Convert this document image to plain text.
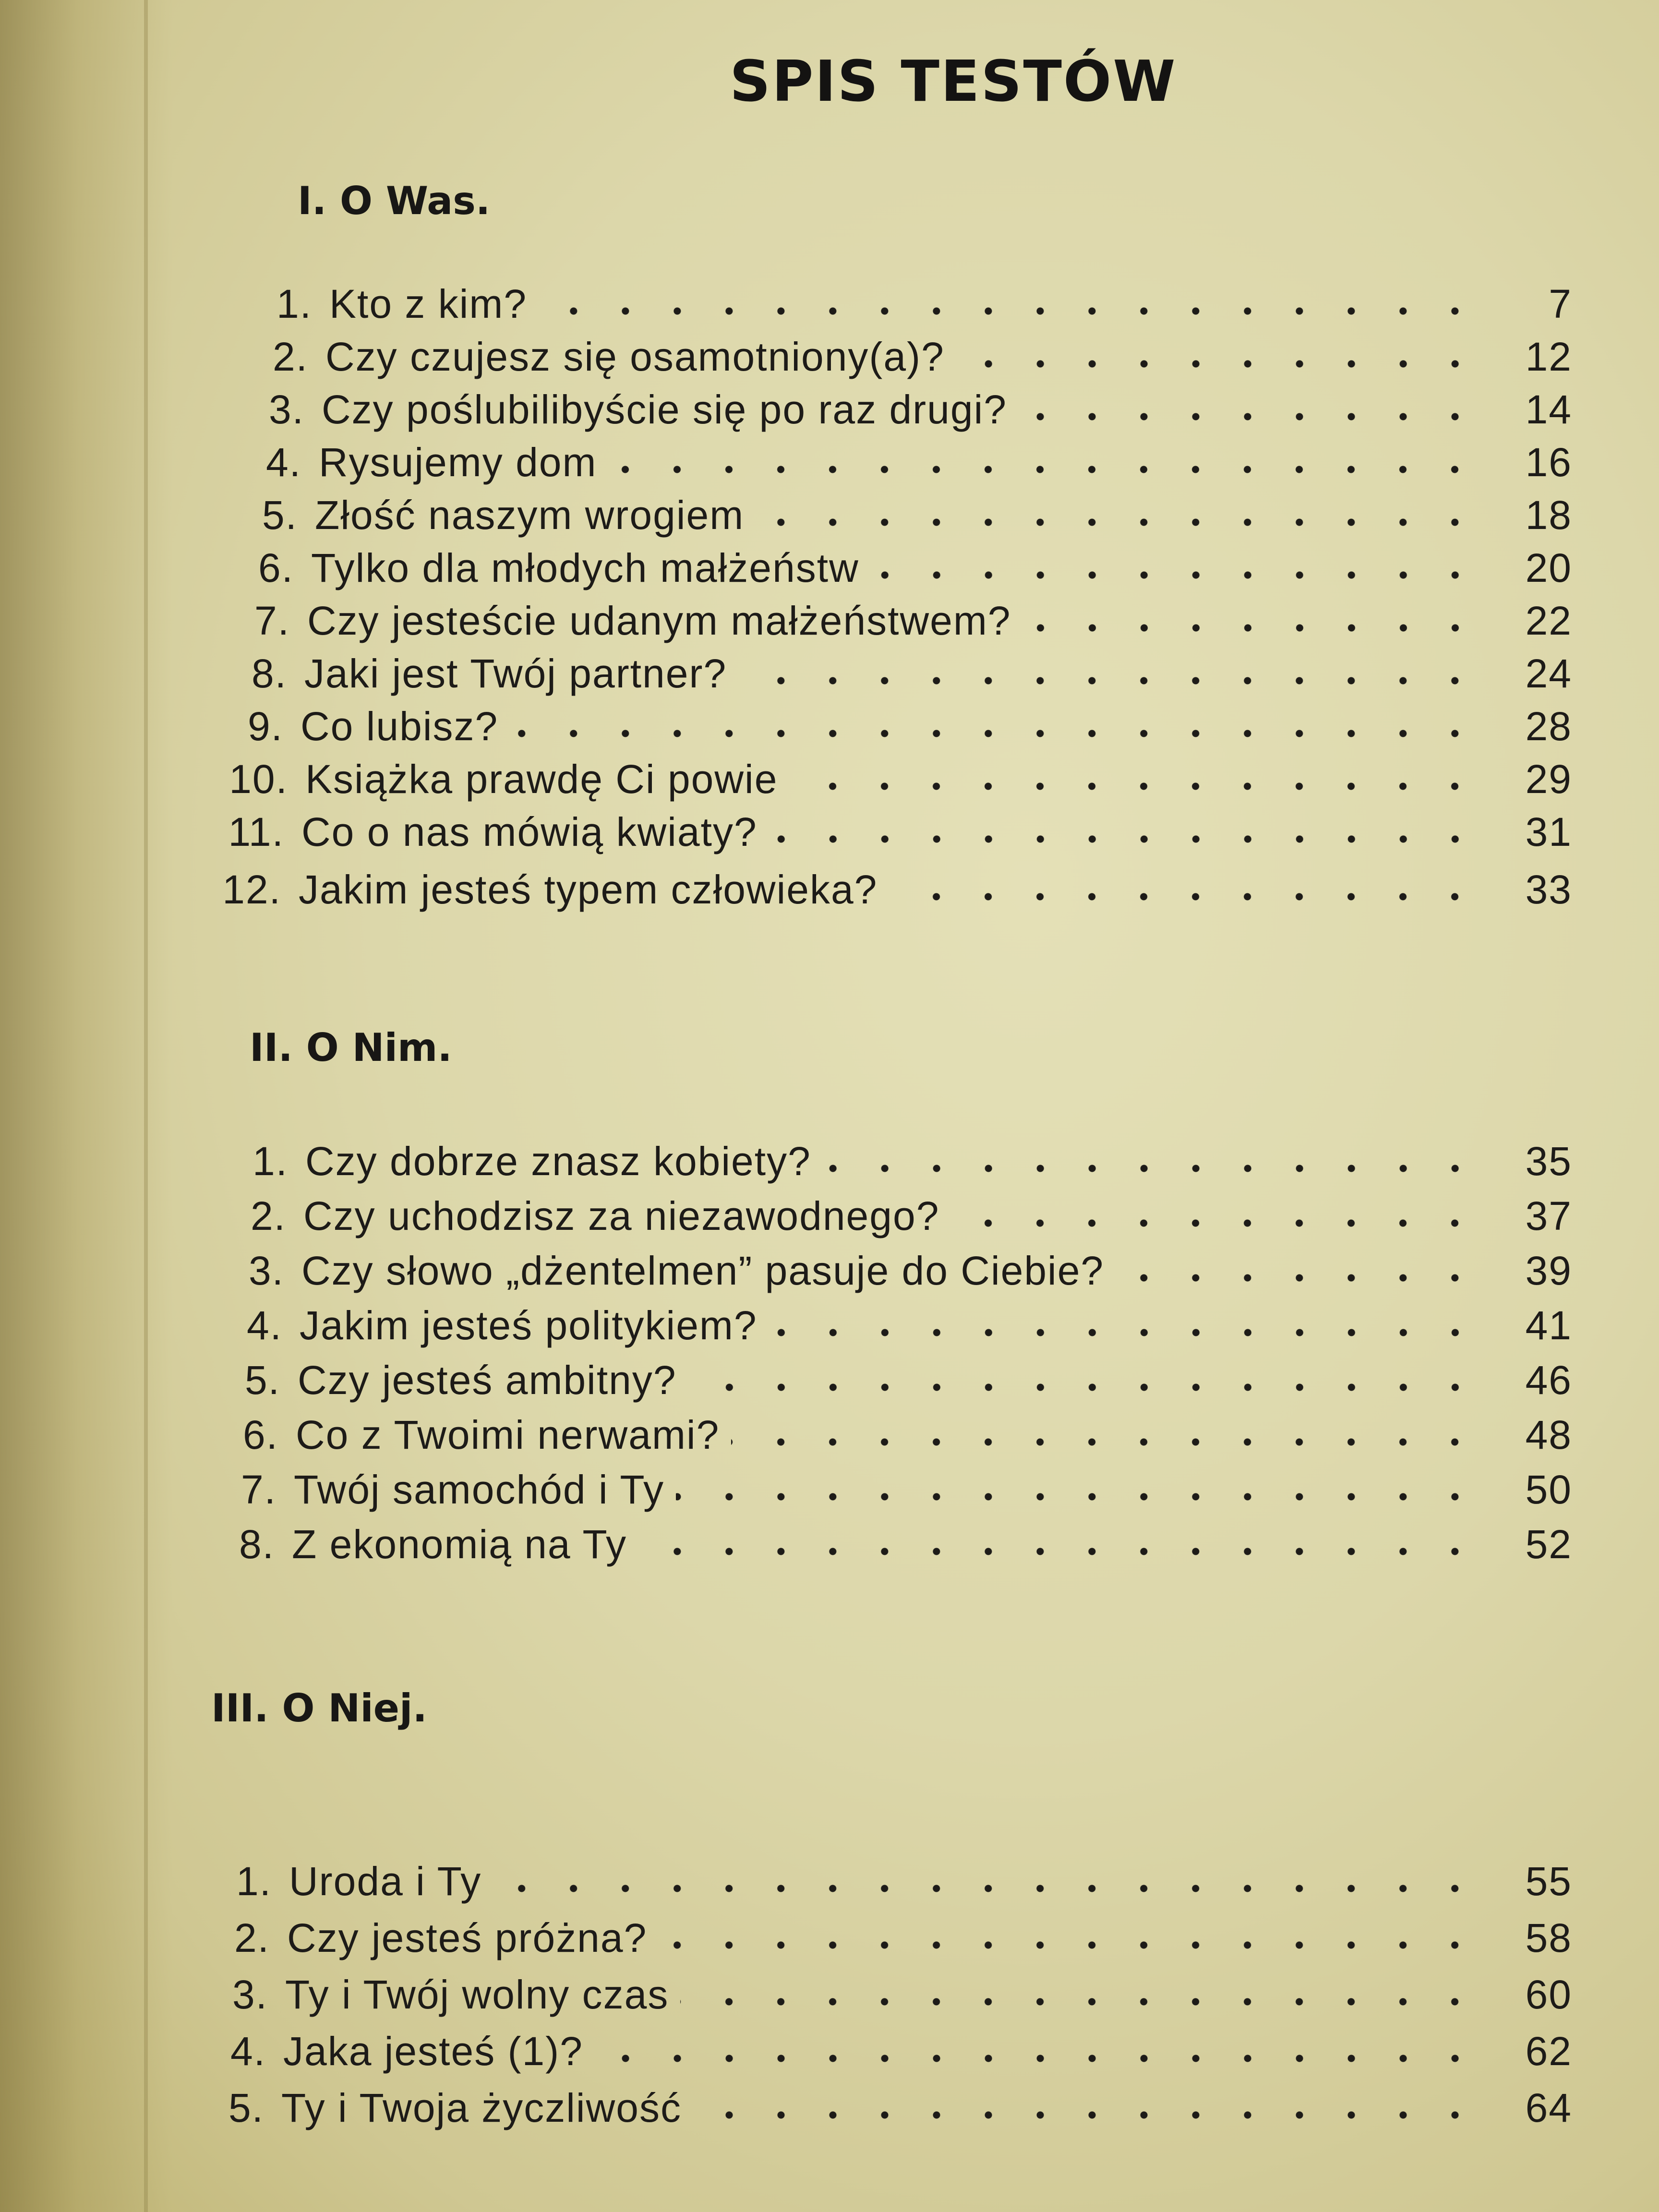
SPIS TESTÓW
I. O Was.
II. O Nim.
III. O Niej.
1. Kto z kim?	7
2. Czy czujesz się osamotniony(a)?	12
3. Czy poślubilibyście się po raz drugi?	14
4. Rysujemy dom	16
5. Złość naszym wrogiem	18
6. Tylko dla młodych małżeństw	20
7. Czy jesteście udanym małżeństwem?	22
8. Jaki jest Twój partner?	24
9. Co lubisz?	28
10. Książka prawdę Ci powie	29
11. Co o nas mówią kwiaty?	31
12. Jakim jesteś typem człowieka?	33
1. Czy dobrze znasz kobiety?	35
2. Czy uchodzisz za niezawodnego?	37
3. Czy słowo „dżentelmen” pasuje do Ciebie?	39
4. Jakim jesteś politykiem?	41
5. Czy jesteś ambitny?	46
6. Co z Twoimi nerwami?	48
7. Twój samochód i Ty	50
8. Z ekonomią na Ty	52
1. Uroda i Ty	55
2. Czy jesteś próżna?	58
3. Ty i Twój wolny czas	60
4. Jaka jesteś (1)?	62
5. Ty i Twoja życzliwość	64
